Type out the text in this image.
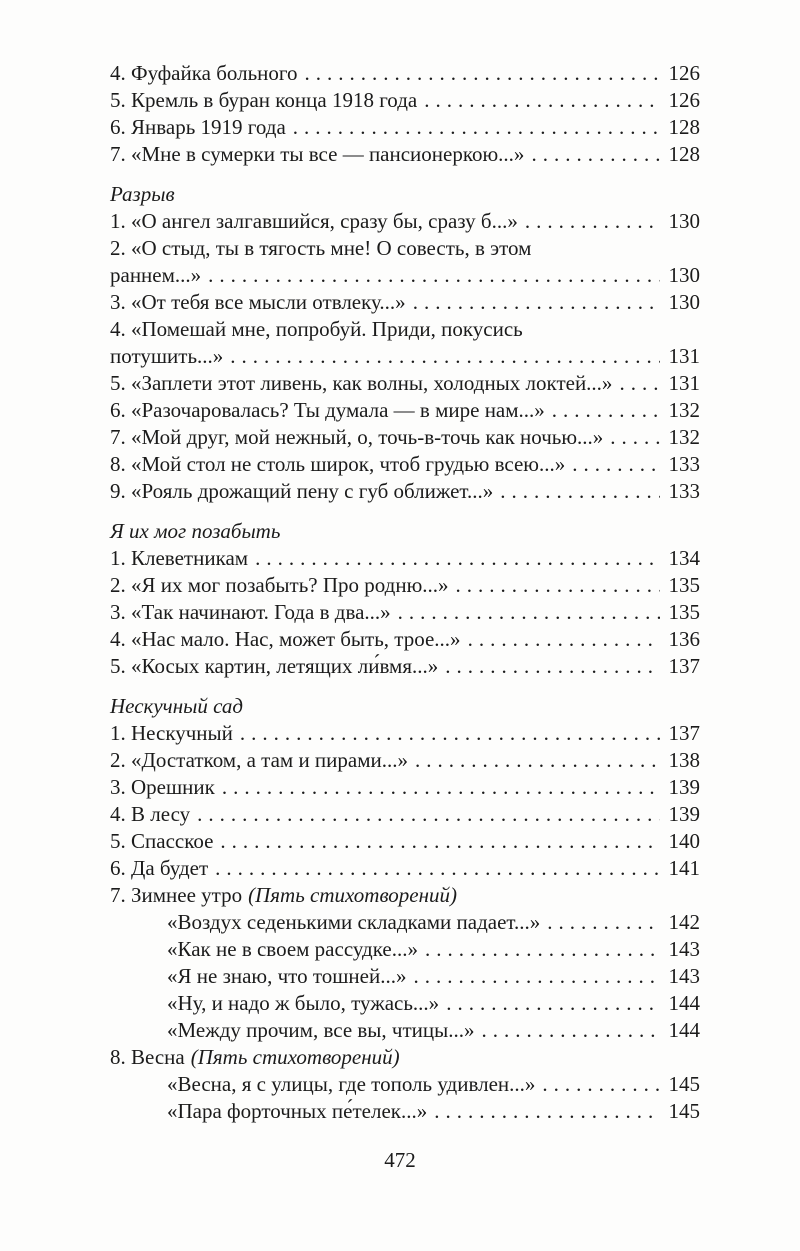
4. Фуфайка больного .....	126
5. Кремль в буран конца 1918 года .....	126
6. Январь 1919 года .....	128
7. «Мне в сумерки ты все — пансионеркою...» .....	128
Разрыв
1. «О ангел залгавшийся, сразу бы, сразу б...» .....	130
2. «О стыд, ты в тягость мне! О совесть, в этом
раннем...» .....	130
3. «От тебя все мысли отвлеку...» .....	130
4. «Помешай мне, попробуй. Приди, покусись
потушить...» .....	131
5. «Заплети этот ливень, как волны, холодных локтей...» .....	131
6. «Разочаровалась? Ты думала — в мире нам...» .....	132
7. «Мой друг, мой нежный, о, точь-в-точь как ночью...» .....	132
8. «Мой стол не столь широк, чтоб грудью всею...» .....	133
9. «Рояль дрожащий пену с губ оближет...» .....	133
Я их мог позабыть
1. Клеветникам .....	134
2. «Я их мог позабыть? Про родню...» .....	135
3. «Так начинают. Года в два...» .....	135
4. «Нас мало. Нас, может быть, трое...» .....	136
5. «Косых картин, летящих ли́вмя...» .....	137
Нескучный сад
1. Нескучный .....	137
2. «Достатком, а там и пирами...» .....	138
3. Орешник .....	139
4. В лесу .....	139
5. Спасское .....	140
6. Да будет .....	141
7. Зимнее утро (Пять стихотворений)
«Воздух седенькими складками падает...» .....	142
«Как не в своем рассудке...» .....	143
«Я не знаю, что тошней...» .....	143
«Ну, и надо ж было, тужась...» .....	144
«Между прочим, все вы, чтицы...» .....	144
8. Весна (Пять стихотворений)
«Весна, я с улицы, где тополь удивлен...» .....	145
«Пара форточных пе́телек...» .....	145
472
